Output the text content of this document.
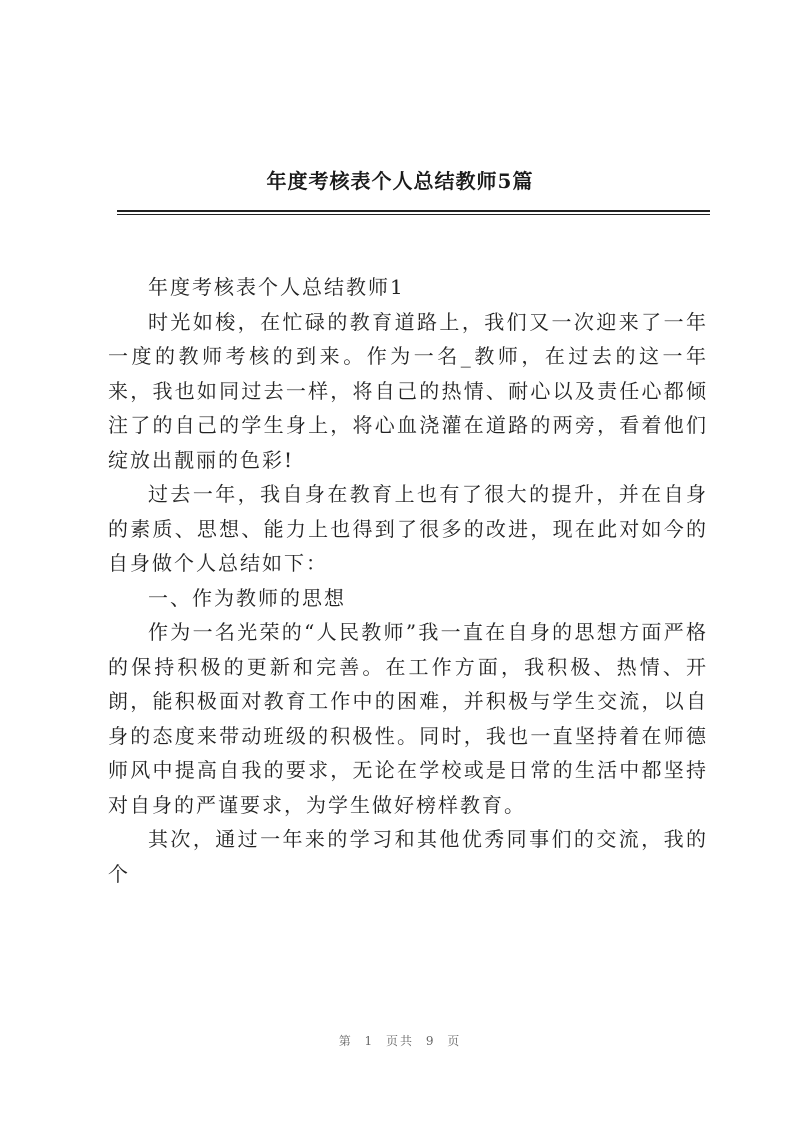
年度考核表个人总结教师5篇

年度考核表个人总结教师1

时光如梭，在忙碌的教育道路上，我们又一次迎来了一年一度的教师考核的到来。作为一名_教师，在过去的这一年来，我也如同过去一样，将自己的热情、耐心以及责任心都倾注了的自己的学生身上，将心血浇灌在道路的两旁，看着他们绽放出靓丽的色彩!

过去一年，我自身在教育上也有了很大的提升，并在自身的素质、思想、能力上也得到了很多的改进，现在此对如今的自身做个人总结如下：

一、作为教师的思想

作为一名光荣的“人民教师”我一直在自身的思想方面严格的保持积极的更新和完善。在工作方面，我积极、热情、开朗，能积极面对教育工作中的困难，并积极与学生交流，以自身的态度来带动班级的积极性。同时，我也一直坚持着在师德师风中提高自我的要求，无论在学校或是日常的生活中都坚持对自身的严谨要求，为学生做好榜样教育。

其次，通过一年来的学习和其他优秀同事们的交流，我的个

第 1 页共 9 页
